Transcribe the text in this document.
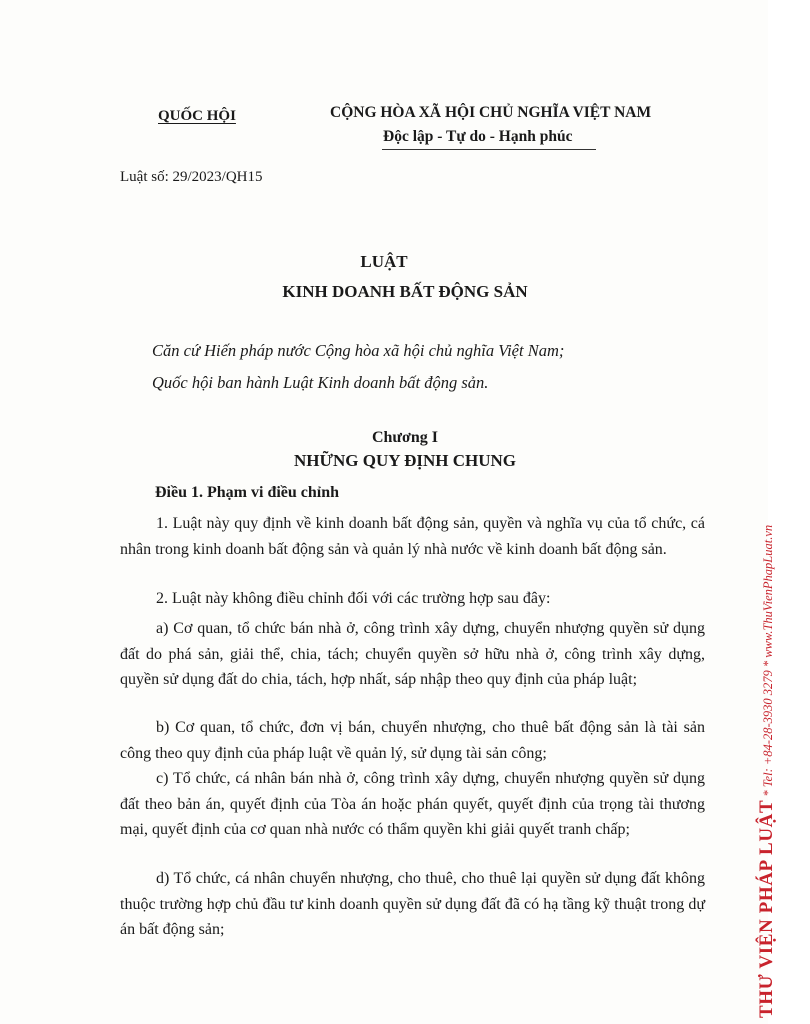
QUỐC HỘI	CỘNG HÒA XÃ HỘI CHỦ NGHĨA VIỆT NAM
Độc lập - Tự do - Hạnh phúc
Luật số: 29/2023/QH15
LUẬT
KINH DOANH BẤT ĐỘNG SẢN
Căn cứ Hiến pháp nước Cộng hòa xã hội chủ nghĩa Việt Nam;
Quốc hội ban hành Luật Kinh doanh bất động sản.
Chương I
NHỮNG QUY ĐỊNH CHUNG
Điều 1. Phạm vi điều chỉnh
1. Luật này quy định về kinh doanh bất động sản, quyền và nghĩa vụ của tổ chức, cá nhân trong kinh doanh bất động sản và quản lý nhà nước về kinh doanh bất động sản.
2. Luật này không điều chỉnh đối với các trường hợp sau đây:
a) Cơ quan, tổ chức bán nhà ở, công trình xây dựng, chuyển nhượng quyền sử dụng đất do phá sản, giải thể, chia, tách; chuyển quyền sở hữu nhà ở, công trình xây dựng, quyền sử dụng đất do chia, tách, hợp nhất, sáp nhập theo quy định của pháp luật;
b) Cơ quan, tổ chức, đơn vị bán, chuyển nhượng, cho thuê bất động sản là tài sản công theo quy định của pháp luật về quản lý, sử dụng tài sản công;
c) Tổ chức, cá nhân bán nhà ở, công trình xây dựng, chuyển nhượng quyền sử dụng đất theo bản án, quyết định của Tòa án hoặc phán quyết, quyết định của trọng tài thương mại, quyết định của cơ quan nhà nước có thẩm quyền khi giải quyết tranh chấp;
d) Tổ chức, cá nhân chuyển nhượng, cho thuê, cho thuê lại quyền sử dụng đất không thuộc trường hợp chủ đầu tư kinh doanh quyền sử dụng đất đã có hạ tầng kỹ thuật trong dự án bất động sản;	THƯ VIỆN PHÁP LUẬT * Tel: +84-28-3930 3279 * www.ThuVienPhapLuat.vn
